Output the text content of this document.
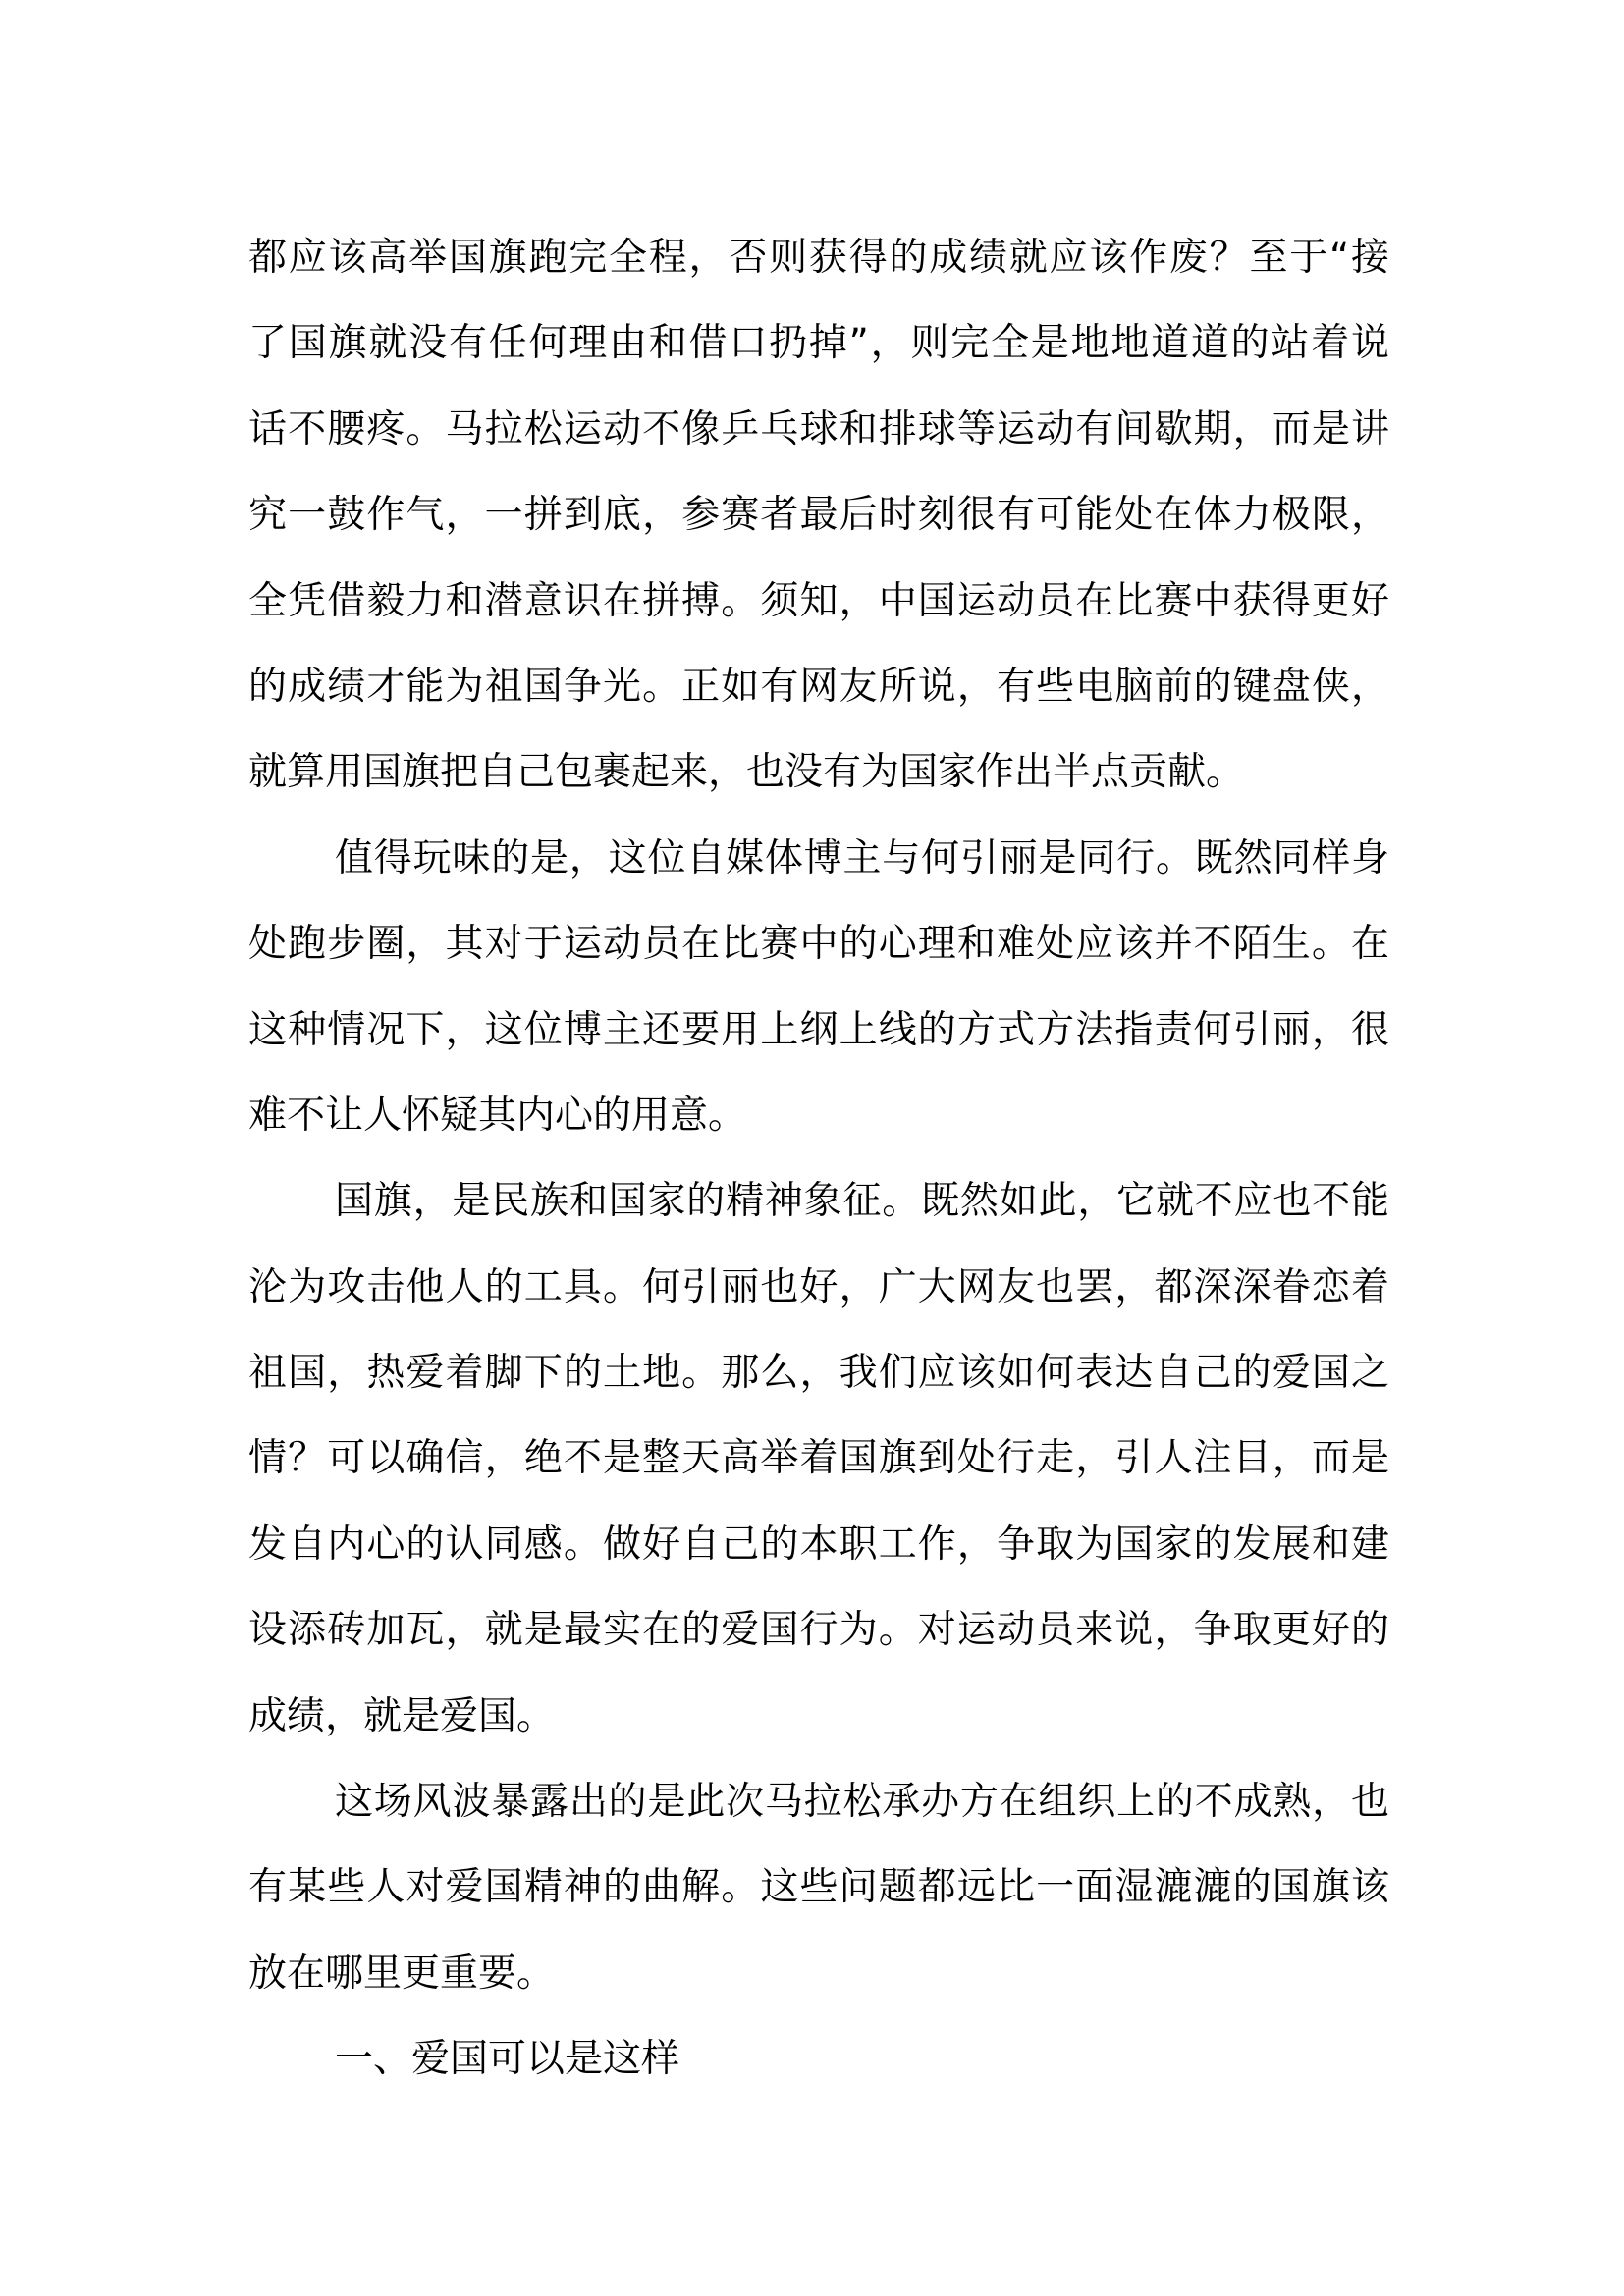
都应该高举国旗跑完全程，否则获得的成绩就应该作废？至于“接
了国旗就没有任何理由和借口扔掉”，则完全是地地道道的站着说
话不腰疼。马拉松运动不像乒乓球和排球等运动有间歇期，而是讲
究一鼓作气，一拼到底，参赛者最后时刻很有可能处在体力极限，
全凭借毅力和潜意识在拼搏。须知，中国运动员在比赛中获得更好
的成绩才能为祖国争光。正如有网友所说，有些电脑前的键盘侠，
就算用国旗把自己包裹起来，也没有为国家作出半点贡献。
值得玩味的是，这位自媒体博主与何引丽是同行。既然同样身
处跑步圈，其对于运动员在比赛中的心理和难处应该并不陌生。在
这种情况下，这位博主还要用上纲上线的方式方法指责何引丽，很
难不让人怀疑其内心的用意。
国旗，是民族和国家的精神象征。既然如此，它就不应也不能
沦为攻击他人的工具。何引丽也好，广大网友也罢，都深深眷恋着
祖国，热爱着脚下的土地。那么，我们应该如何表达自己的爱国之
情？可以确信，绝不是整天高举着国旗到处行走，引人注目，而是
发自内心的认同感。做好自己的本职工作，争取为国家的发展和建
设添砖加瓦，就是最实在的爱国行为。对运动员来说，争取更好的
成绩，就是爱国。
这场风波暴露出的是此次马拉松承办方在组织上的不成熟，也
有某些人对爱国精神的曲解。这些问题都远比一面湿漉漉的国旗该
放在哪里更重要。
一、爱国可以是这样
